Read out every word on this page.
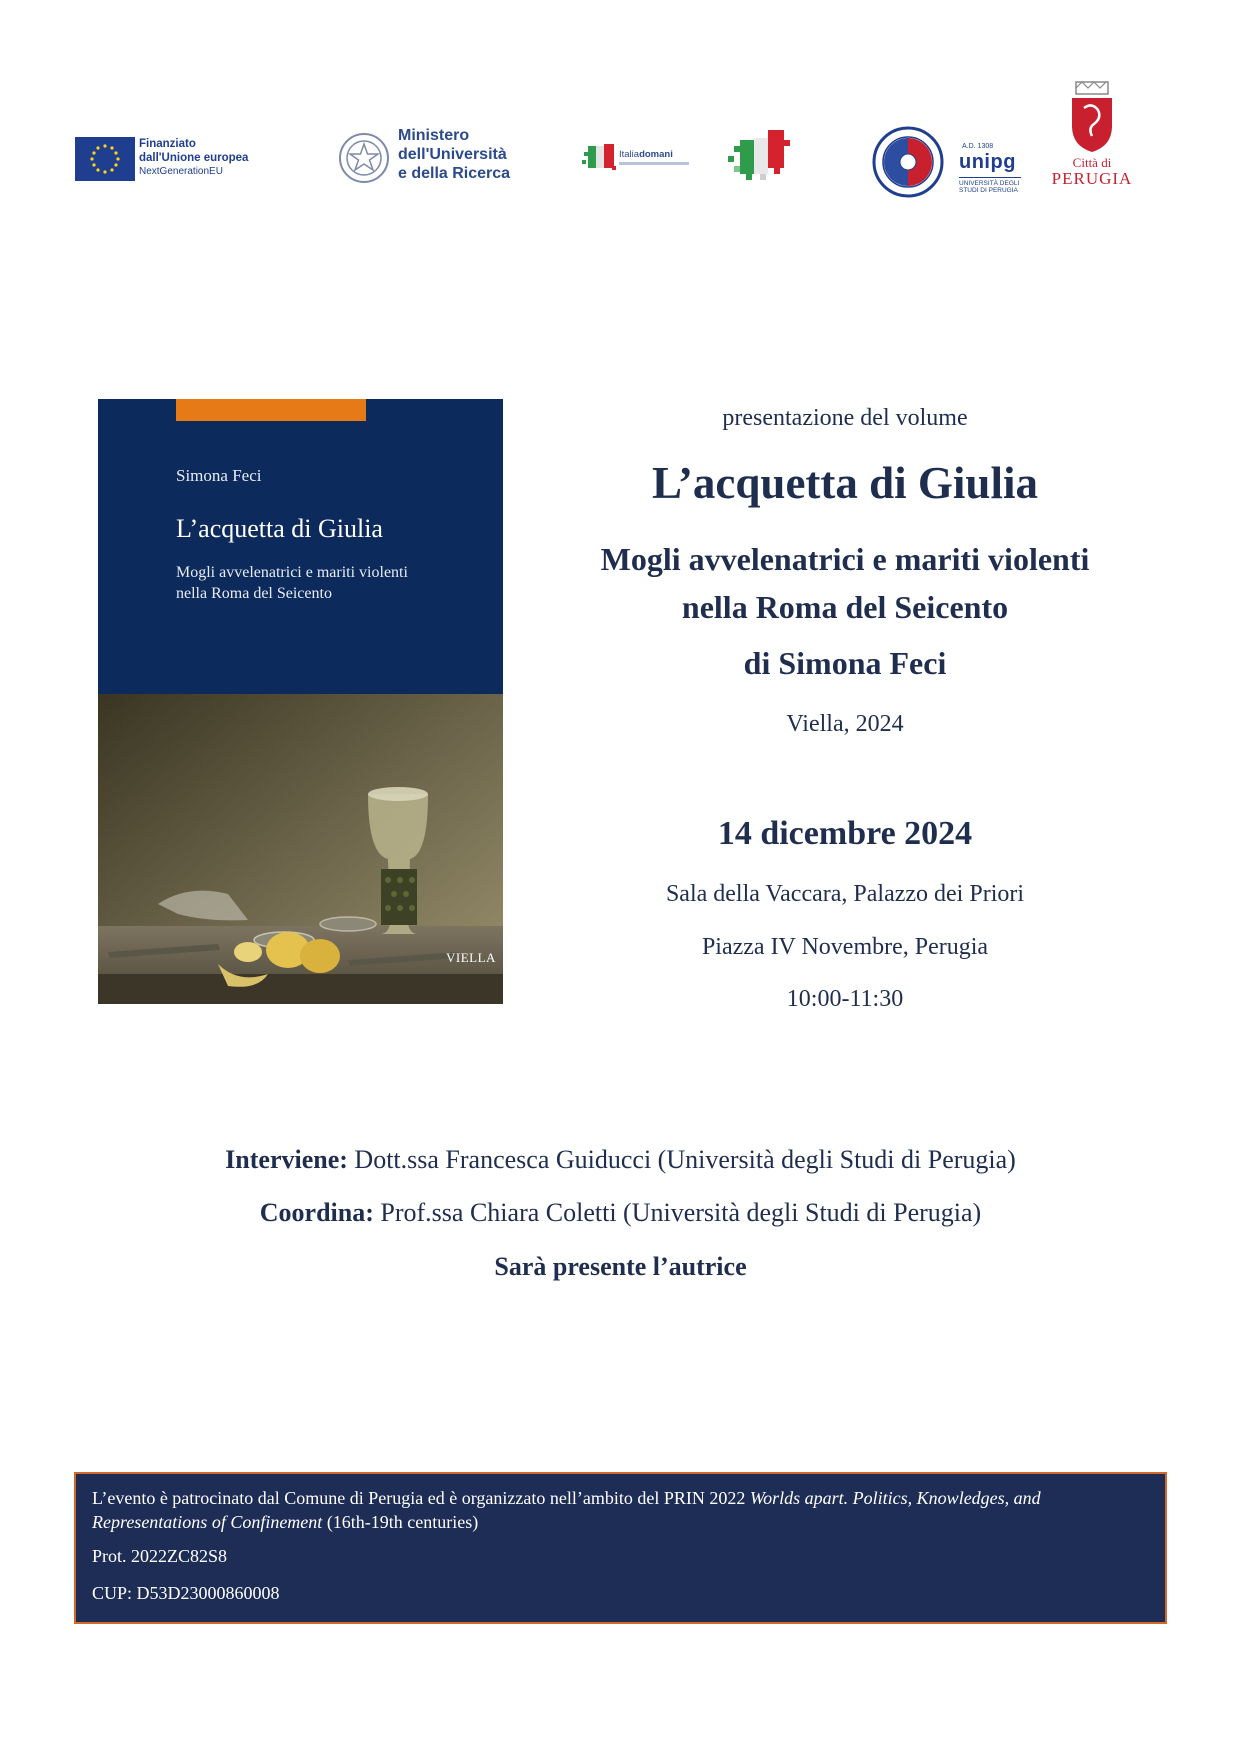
Finanziato
dall'Unione europea
NextGenerationEU
Ministero
dell'Università
e della Ricerca
Italiadomani
A.D. 1308
unipg
UNIVERSITÀ DEGLI STUDI DI PERUGIA
Città di
PERUGIA
Simona Feci
L’acquetta di Giulia
Mogli avvelenatrici e mariti violenti
nella Roma del Seicento
VIELLA
presentazione del volume
L’acquetta di Giulia
Mogli avvelenatrici e mariti violenti
nella Roma del Seicento
di Simona Feci
Viella, 2024
14 dicembre 2024
Sala della Vaccara, Palazzo dei Priori
Piazza IV Novembre, Perugia
10:00-11:30
Interviene: Dott.ssa Francesca Guiducci (Università degli Studi di Perugia)
Coordina: Prof.ssa Chiara Coletti (Università degli Studi di Perugia)
Sarà presente l’autrice
L’evento è patrocinato dal Comune di Perugia ed è organizzato nell’ambito del PRIN 2022 Worlds apart. Politics, Knowledges, and Representations of Confinement (16th-19th centuries)
Prot. 2022ZC82S8
CUP: D53D23000860008
